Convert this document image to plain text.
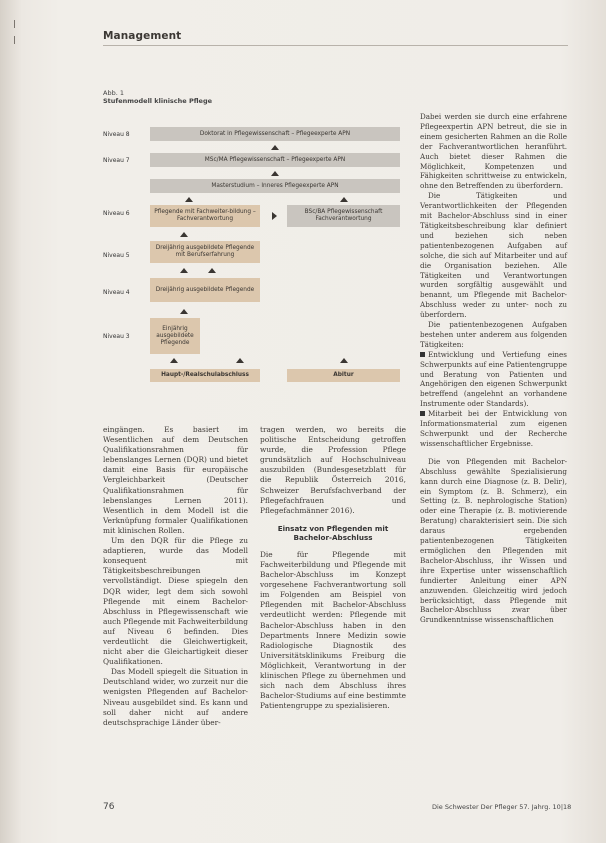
Management
Abb. 1
Stufenmodell klinische Pflege
Niveau 8
Niveau 7
Niveau 6
Niveau 5
Niveau 4
Niveau 3
Doktorat in Pflegewissenschaft – Pflegeexperte APN
MSc/MA Pflegewissenschaft – Pflegeexperte APN
Masterstudium – Inneres Pflegeexperte APN
Pflegende mit Fachweiter-bildung – Fachverantwortung
BSc/BA Pflegewissenschaft Fachverantwortung
Dreijährig ausgebildete Pflegende mit Berufserfahrung
Dreijährig ausgebildete Pflegende
Einjährig ausgebildete Pflegende
Haupt-/Realschulabschluss	Abitur

eingängen. Es basiert im Wesentlichen auf dem Deutschen Qualifikationsrahmen für lebenslanges Lernen (DQR) und bietet damit eine Basis für europäische Vergleichbarkeit (Deutscher Qualifikationsrahmen für lebenslanges Lernen 2011). Wesentlich in dem Modell ist die Verknüpfung formaler Qualifikationen mit klinischen Rollen.

Um den DQR für die Pflege zu adaptieren, wurde das Modell konsequent mit Tätigkeitsbeschreibungen vervollständigt. Diese spiegeln den DQR wider, legt dem sich sowohl Pflegende mit einem Bachelor-Abschluss in Pflegewissenschaft wie auch Pflegende mit Fachweiterbildung auf Niveau 6 befinden. Dies verdeutlicht die Gleichwertigkeit, nicht aber die Gleichartigkeit dieser Qualifikationen.

Das Modell spiegelt die Situation in Deutschland wider, wo zurzeit nur die wenigsten Pflegenden auf Bachelor-Niveau ausgebildet sind. Es kann und soll daher nicht auf andere deutschsprachige Länder über-

tragen werden, wo bereits die politische Entscheidung getroffen wurde, die Profession Pflege grundsätzlich auf Hochschulniveau auszubilden (Bundesgesetzblatt für die Republik Österreich 2016, Schweizer Berufsfachverband der Pflegefachfrauen und Pflegefachmänner 2016).

Einsatz von Pflegenden mit Bachelor-Abschluss

Die für Pflegende mit Fachweiterbildung und Pflegende mit Bachelor-Abschluss im Konzept vorgesehene Fachverantwortung soll im Folgenden am Beispiel von Pflegenden mit Bachelor-Abschluss verdeutlicht werden: Pflegende mit Bachelor-Abschluss haben in den Departments Innere Medizin sowie Radiologische Diagnostik des Universitätsklinikums Freiburg die Möglichkeit, Verantwortung in der klinischen Pflege zu übernehmen und sich nach dem Abschluss ihres Bachelor-Studiums auf eine bestimmte Patientengruppe zu spezialisieren.

Dabei werden sie durch eine erfahrene Pflegeexpertin APN betreut, die sie in einem gesicherten Rahmen an die Rolle der Fachverantwortlichen heranführt. Auch bietet dieser Rahmen die Möglichkeit, Kompetenzen und Fähigkeiten schrittweise zu entwickeln, ohne den Betreffenden zu überfordern.

Die Tätigkeiten und Verantwortlichkeiten der Pflegenden mit Bachelor-Abschluss sind in einer Tätigkeitsbeschreibung klar definiert und beziehen sich neben patientenbezogenen Aufgaben auf solche, die sich auf Mitarbeiter und auf die Organisation beziehen. Alle Tätigkeiten und Verantwortungen wurden sorgfältig ausgewählt und benannt, um Pflegende mit Bachelor-Abschluss weder zu unter- noch zu überfordern.

Die patientenbezogenen Aufgaben bestehen unter anderem aus folgenden Tätigkeiten:

Entwicklung und Vertiefung eines Schwerpunkts auf eine Patientengruppe und Beratung von Patienten und Angehörigen den eigenen Schwerpunkt betreffend (angelehnt an vorhandene Instrumente oder Standards).

Mitarbeit bei der Entwicklung von Informationsmaterial zum eigenen Schwerpunkt und der Recherche wissenschaftlicher Ergebnisse.

Die von Pflegenden mit Bachelor-Abschluss gewählte Spezialisierung kann durch eine Diagnose (z. B. Delir), ein Symptom (z. B. Schmerz), ein Setting (z. B. nephrologische Station) oder eine Therapie (z. B. motivierende Beratung) charakterisiert sein. Die sich daraus ergebenden patientenbezogenen Tätigkeiten ermöglichen den Pflegenden mit Bachelor-Abschluss, ihr Wissen und ihre Expertise unter wissenschaftlich fundierter Anleitung einer APN anzuwenden. Gleichzeitig wird jedoch berücksichtigt, dass Pflegende mit Bachelor-Abschluss zwar über Grundkenntnisse wissenschaftlichen

76	Die Schwester Der Pfleger 57. Jahrg. 10|18
